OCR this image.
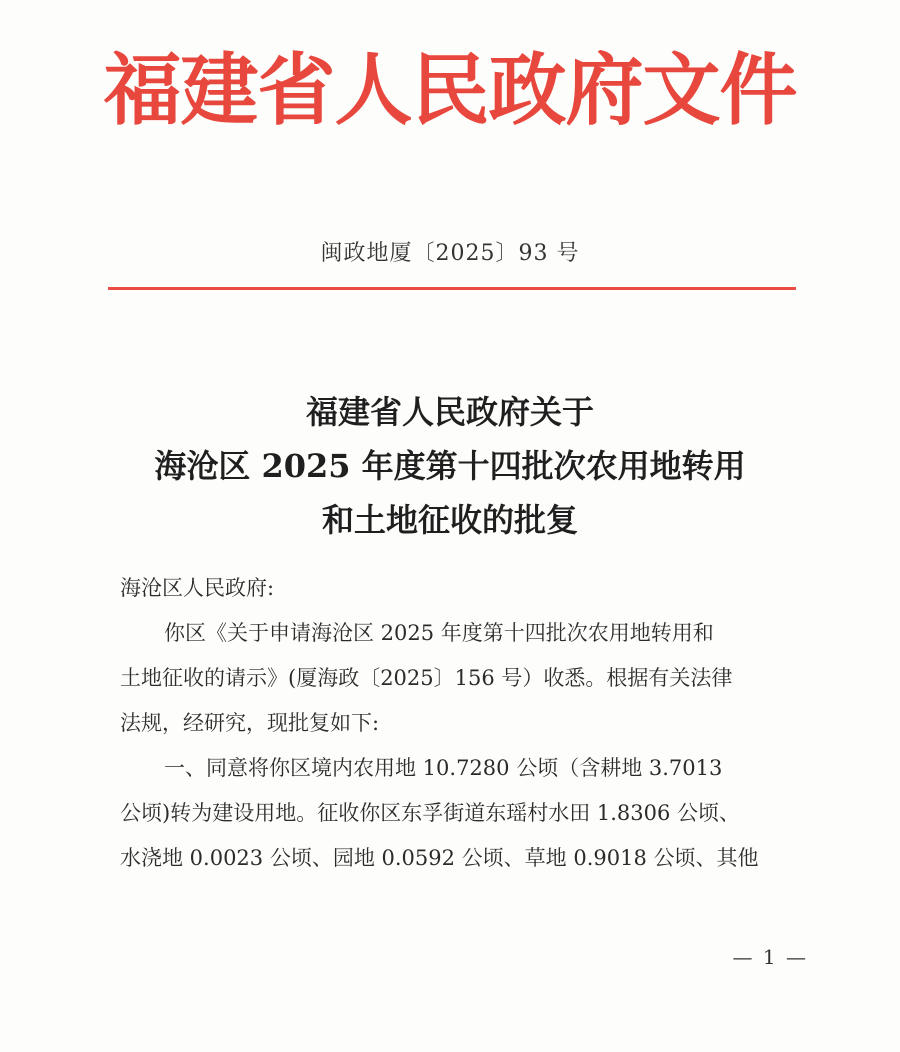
福建省人民政府文件
闽政地厦〔2025〕93 号
福建省人民政府关于
海沧区 2025 年度第十四批次农用地转用
和土地征收的批复

海沧区人民政府:

你区《关于申请海沧区 2025 年度第十四批次农用地转用和

土地征收的请示》(厦海政〔2025〕156 号）收悉。根据有关法律

法规，经研究，现批复如下:

一、同意将你区境内农用地 10.7280 公顷（含耕地 3.7013

公顷)转为建设用地。征收你区东孚街道东瑶村水田 1.8306 公顷、

水浇地 0.0023 公顷、园地 0.0592 公顷、草地 0.9018 公顷、其他

— 1 —
